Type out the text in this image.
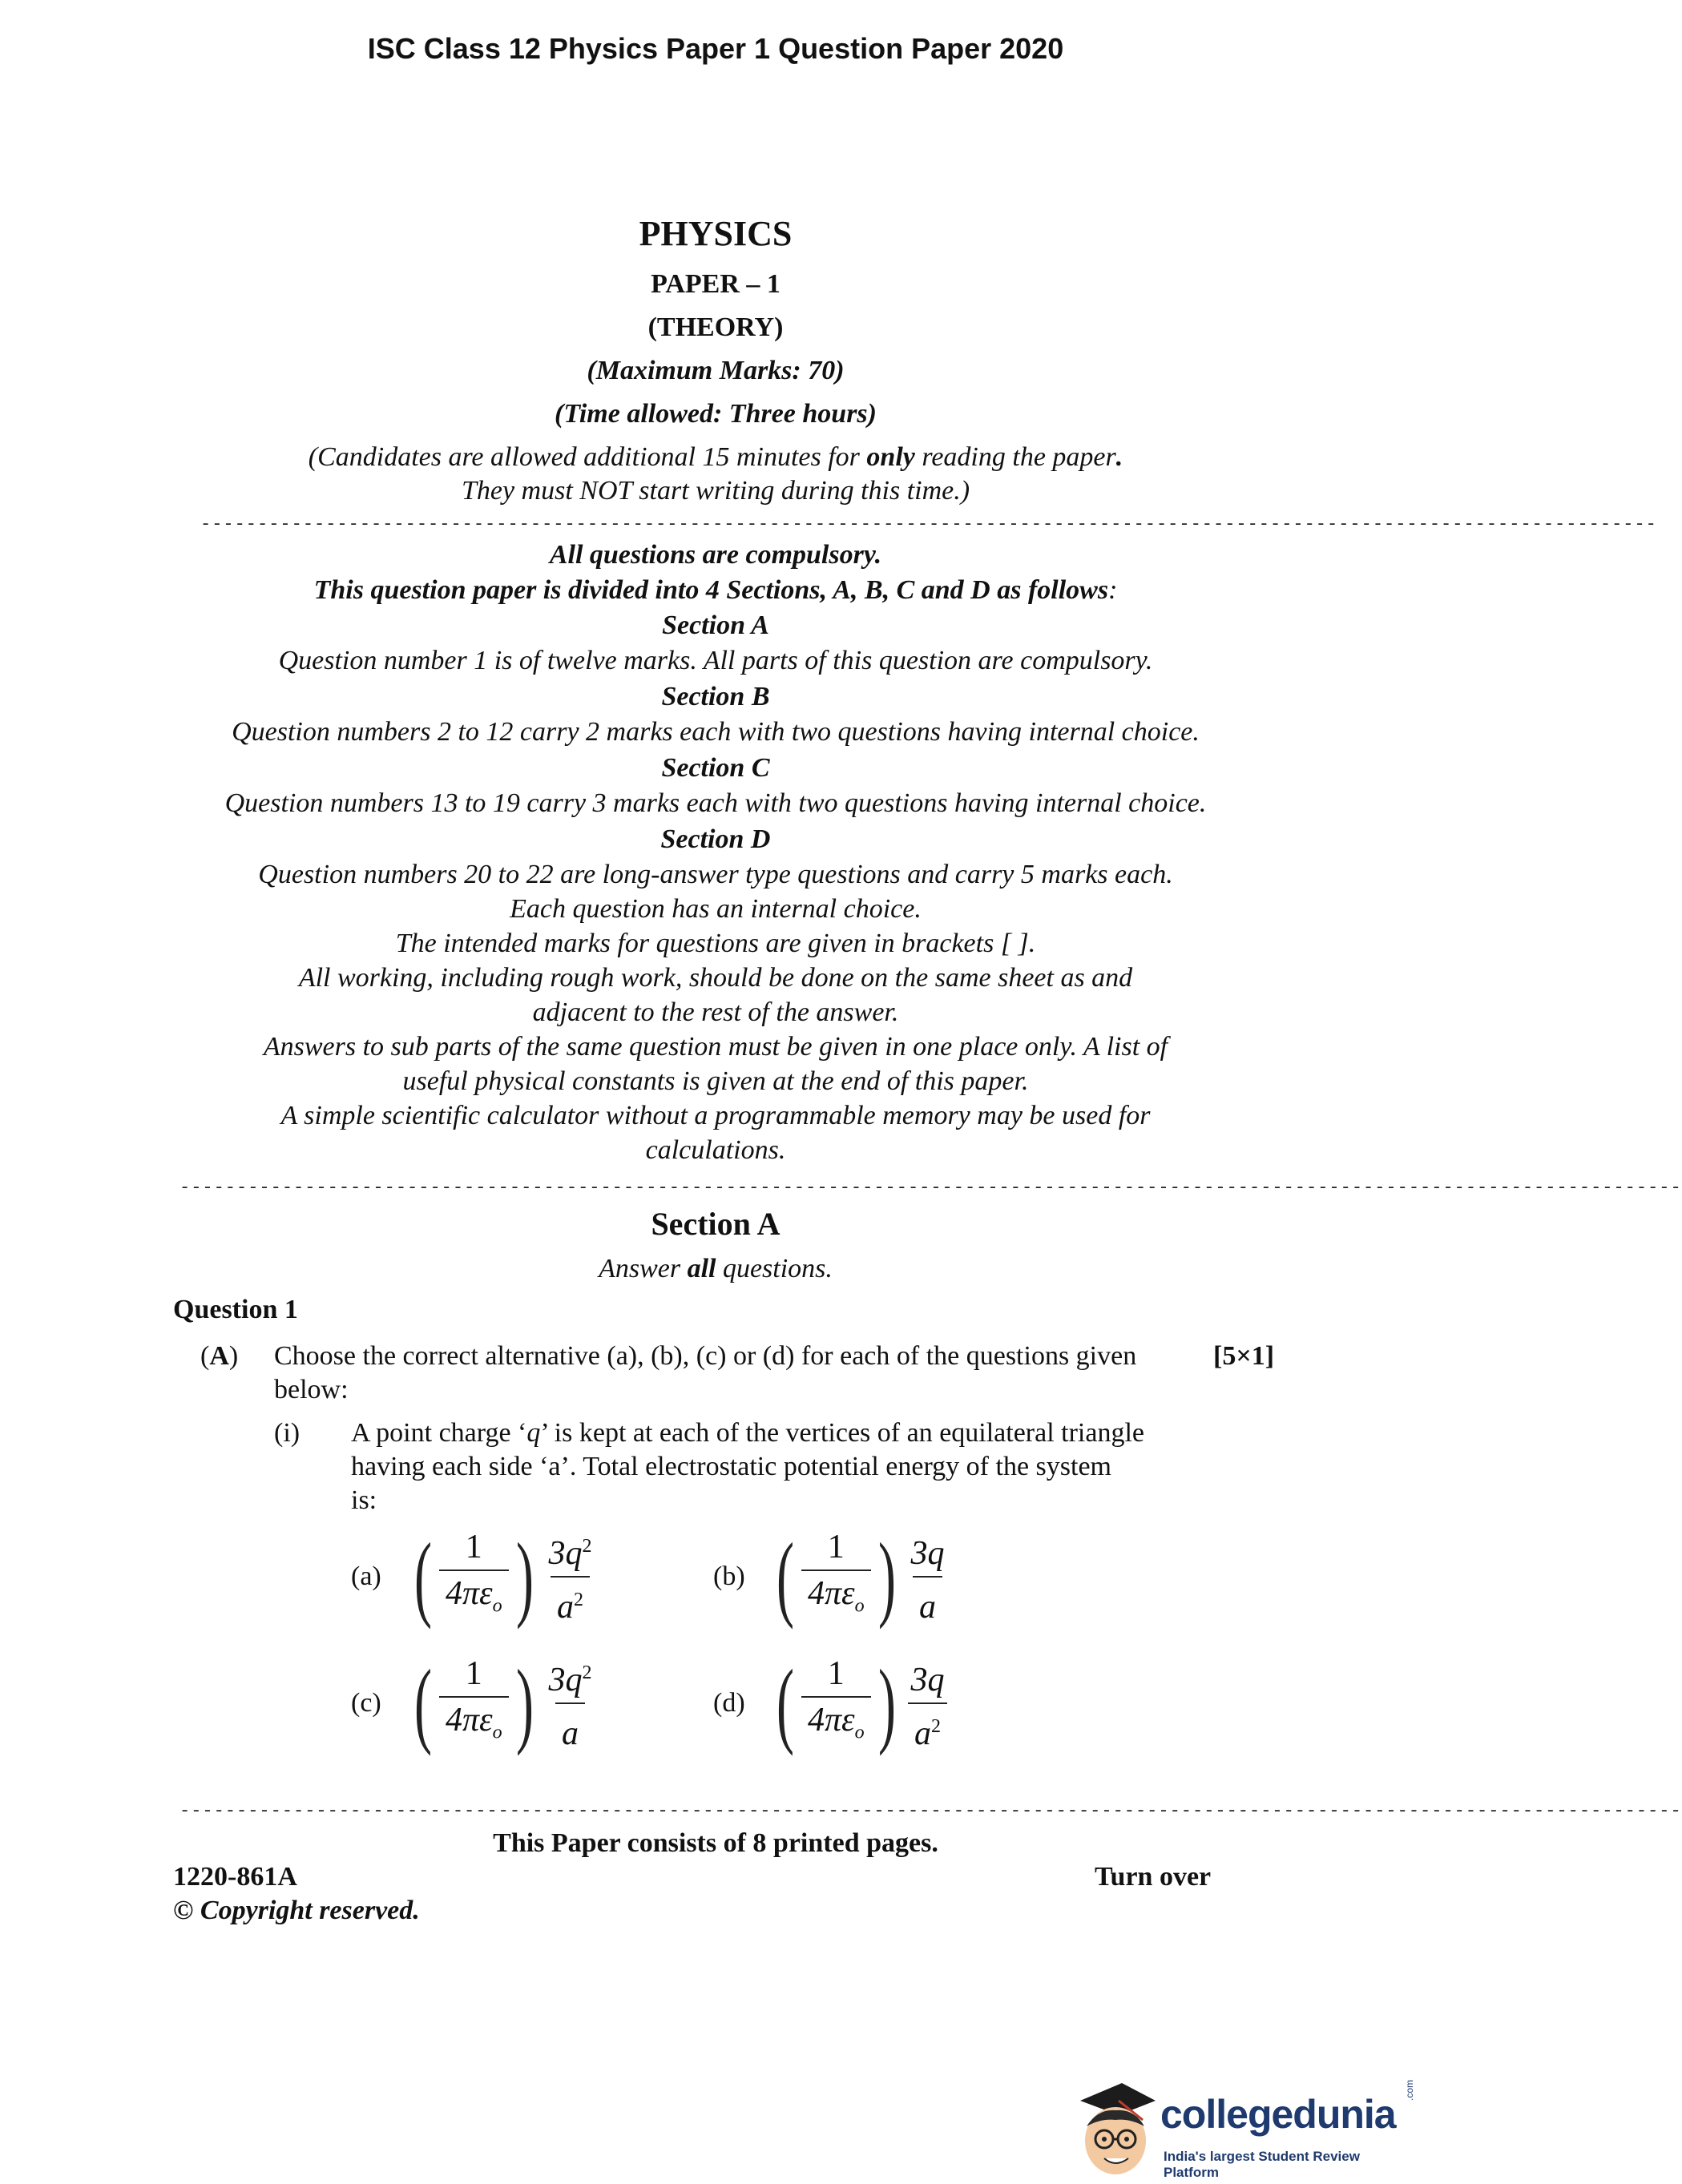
ISC Class 12 Physics Paper 1 Question Paper 2020
PHYSICS
PAPER – 1
(THEORY)
(Maximum Marks: 70)
(Time allowed: Three hours)
(Candidates are allowed additional 15 minutes for only reading the paper.
They must NOT start writing during this time.)
--------------------------------------------------------------------------------------------------------------------------------
All questions are compulsory.
This question paper is divided into 4 Sections, A, B, C and D as follows:
Section A
Question number 1 is of twelve marks. All parts of this question are compulsory.
Section B
Question numbers 2 to 12 carry 2 marks each with two questions having internal choice.
Section C
Question numbers 13 to 19 carry 3 marks each with two questions having internal choice.
Section D
Question numbers 20 to 22 are long-answer type questions and carry 5 marks each.
Each question has an internal choice.
The intended marks for questions are given in brackets [ ].
All working, including rough work, should be done on the same sheet as and
adjacent to the rest of the answer.
Answers to sub parts of the same question must be given in one place only. A list of
useful physical constants is given at the end of this paper.
A simple scientific calculator without a programmable memory may be used for
calculations.
------------------------------------------------------------------------------------------------------------------------------------
Section A
Answer all questions.
Question 1
(A) Choose the correct alternative (a), (b), (c) or (d) for each of the questions given
below:
[5×1]
(i) A point charge ‘q’ is kept at each of the vertices of an equilateral triangle
having each side ‘a’. Total electrostatic potential energy of the system
is:
(a) ( $\frac{1}{4\pi\varepsilon_o}$ ) $\frac{3q^2}{a^2}$	(b) ( $\frac{1}{4\pi\varepsilon_o}$ ) $\frac{3q}{a}$
(c) ( $\frac{1}{4\pi\varepsilon_o}$ ) $\frac{3q^2}{a}$	(d) ( $\frac{1}{4\pi\varepsilon_o}$ ) $\frac{3q}{a^2}$
------------------------------------------------------------------------------------------------------------------------------------
This Paper consists of 8 printed pages.
1220-861A	Turn over
© Copyright reserved.
collegedunia
.com
India's largest Student Review Platform
